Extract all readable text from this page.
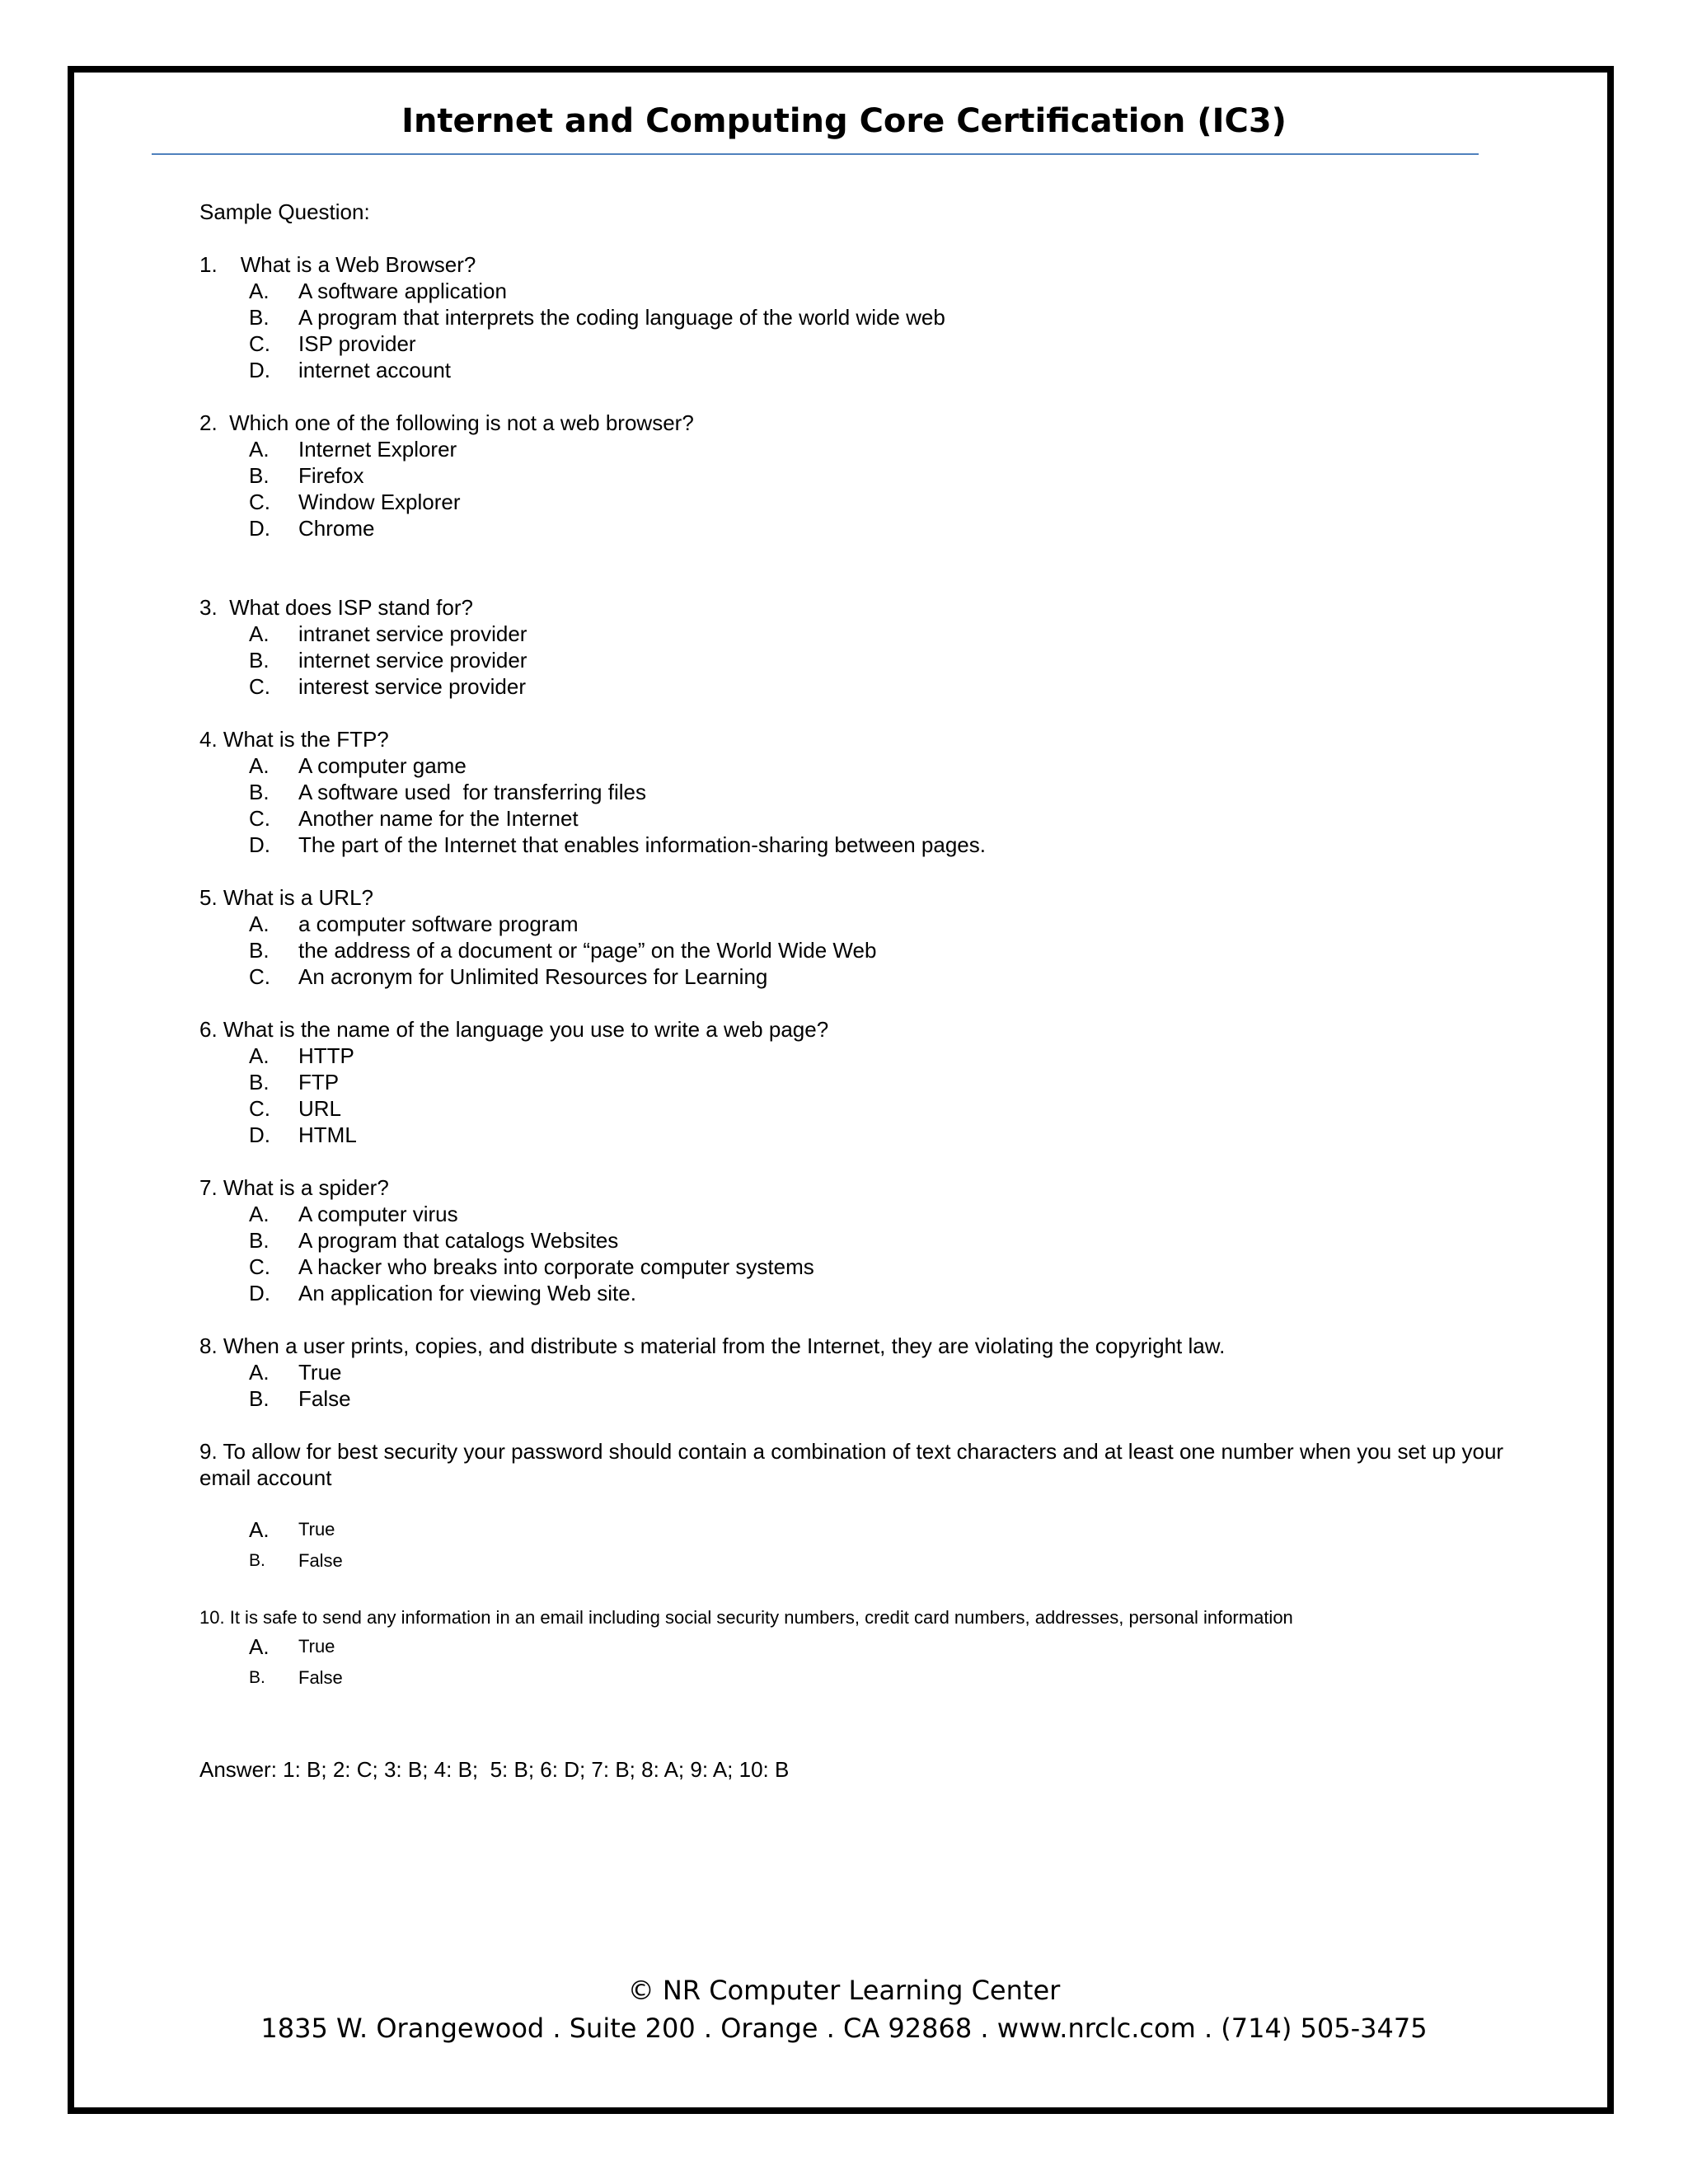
Internet and Computing Core Certification (IC3)
Sample Question:
1. What is a Web Browser?
A.	A software application
B.	A program that interprets the coding language of the world wide web
C.	ISP provider
D.	internet account
2. Which one of the following is not a web browser?
A.	Internet Explorer
B.	Firefox
C.	Window Explorer
D.	Chrome
3. What does ISP stand for?
A.	intranet service provider
B.	internet service provider
C.	interest service provider
4. What is the FTP?
A.	A computer game
B.	A software used  for transferring files
C.	Another name for the Internet
D.	The part of the Internet that enables information-sharing between pages.
5. What is a URL?
A.	a computer software program
B.	the address of a document or “page” on the World Wide Web
C.	An acronym for Unlimited Resources for Learning
6. What is the name of the language you use to write a web page?
A.	HTTP
B.	FTP
C.	URL
D.	HTML
7. What is a spider?
A.	A computer virus
B.	A program that catalogs Websites
C.	A hacker who breaks into corporate computer systems
D.	An application for viewing Web site.
8. When a user prints, copies, and distribute s material from the Internet, they are violating the copyright law.
A.	True
B.	False
9. To allow for best security your password should contain a combination of text characters and at least one number when you set up your email account
A.	True
B.	False
10. It is safe to send any information in an email including social security numbers, credit card numbers, addresses, personal information
A.	True
B.	False
Answer: 1: B; 2: C; 3: B; 4: B;  5: B; 6: D; 7: B; 8: A; 9: A; 10: B
© NR Computer Learning Center
1835 W. Orangewood . Suite 200 . Orange . CA 92868 . www.nrclc.com . (714) 505-3475
